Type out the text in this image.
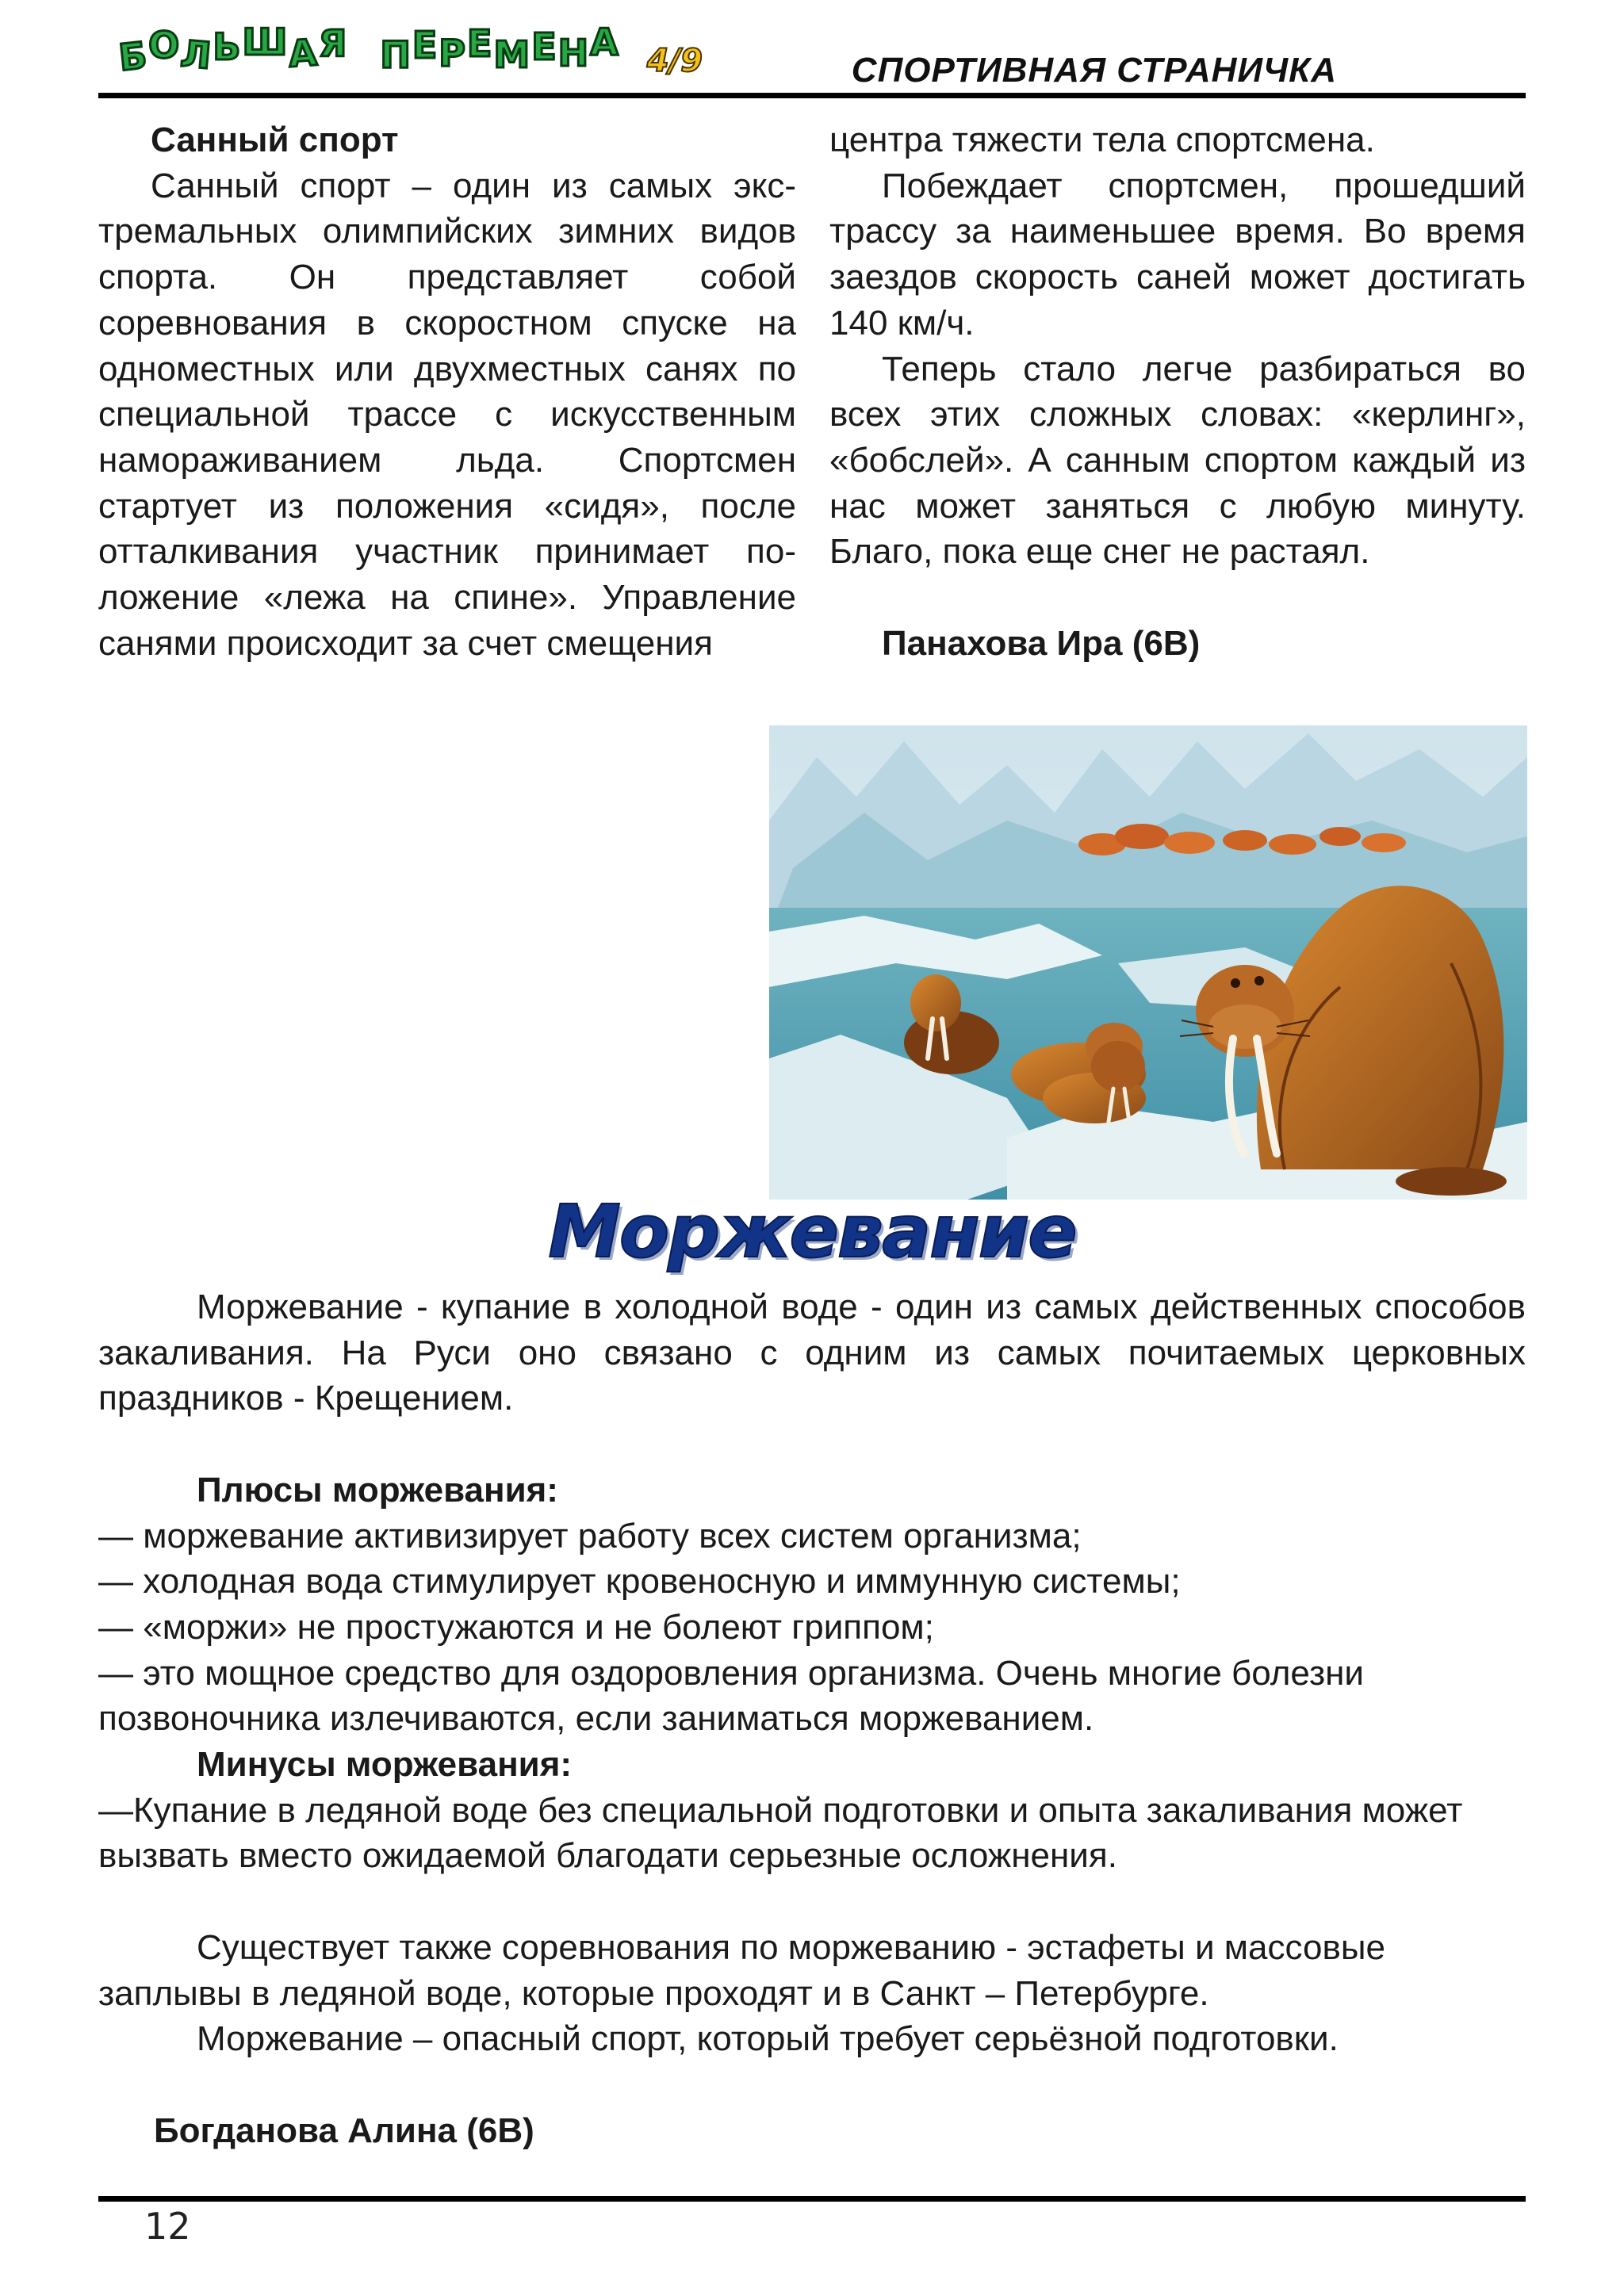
Б
О
Л
Ь Ш
А
Я П Е Р Е М Е Н А 4/9	СПОРТИВНАЯ СТРАНИЧКА

Санный спорт

Санный спорт – один из самых экстремальных олимпийских зимних видов спорта. Он представляет собой соревнования в скоростном спуске на одноместных или двухместных санях по специальной трассе с искусственным намораживанием льда. Спортсмен стартует из положения «сидя», после отталкивания участник принимает положение «лежа на спине». Управление санями происходит за счет смещения

центра тяжести тела спортсмена.

Побеждает спортсмен, прошедший трассу за наименьшее время. Во время заездов скорость саней может достигать 140 км/ч.

Теперь стало легче разбираться во всех этих сложных словах: «керлинг», «бобслей». А санным спортом каждый из нас может заняться с любую минуту. Благо, пока еще снег не растаял.

Панахова Ира (6В)

Моржевание

Моржевание - купание в холодной воде - один из самых действенных способов закаливания. На Руси оно связано с одним из самых почитаемых церковных праздников - Крещением.

Плюсы моржевания:

— моржевание активизирует работу всех систем организма;

— холодная вода стимулирует кровеносную и иммунную системы;

— «моржи» не простужаются и не болеют гриппом;

— это мощное средство для оздоровления организма. Очень многие болезни позвоночника излечиваются, если заниматься моржеванием.

Минусы моржевания:

—Купание в ледяной воде без специальной подготовки и опыта закаливания может вызвать вместо ожидаемой благодати серьезные осложнения.

Существует также соревнования по моржеванию - эстафеты и массовые заплывы в ледяной воде, которые проходят и в Санкт – Петербурге.

Моржевание – опасный спорт, который требует серьёзной подготовки.

Богданова Алина (6В)

12
